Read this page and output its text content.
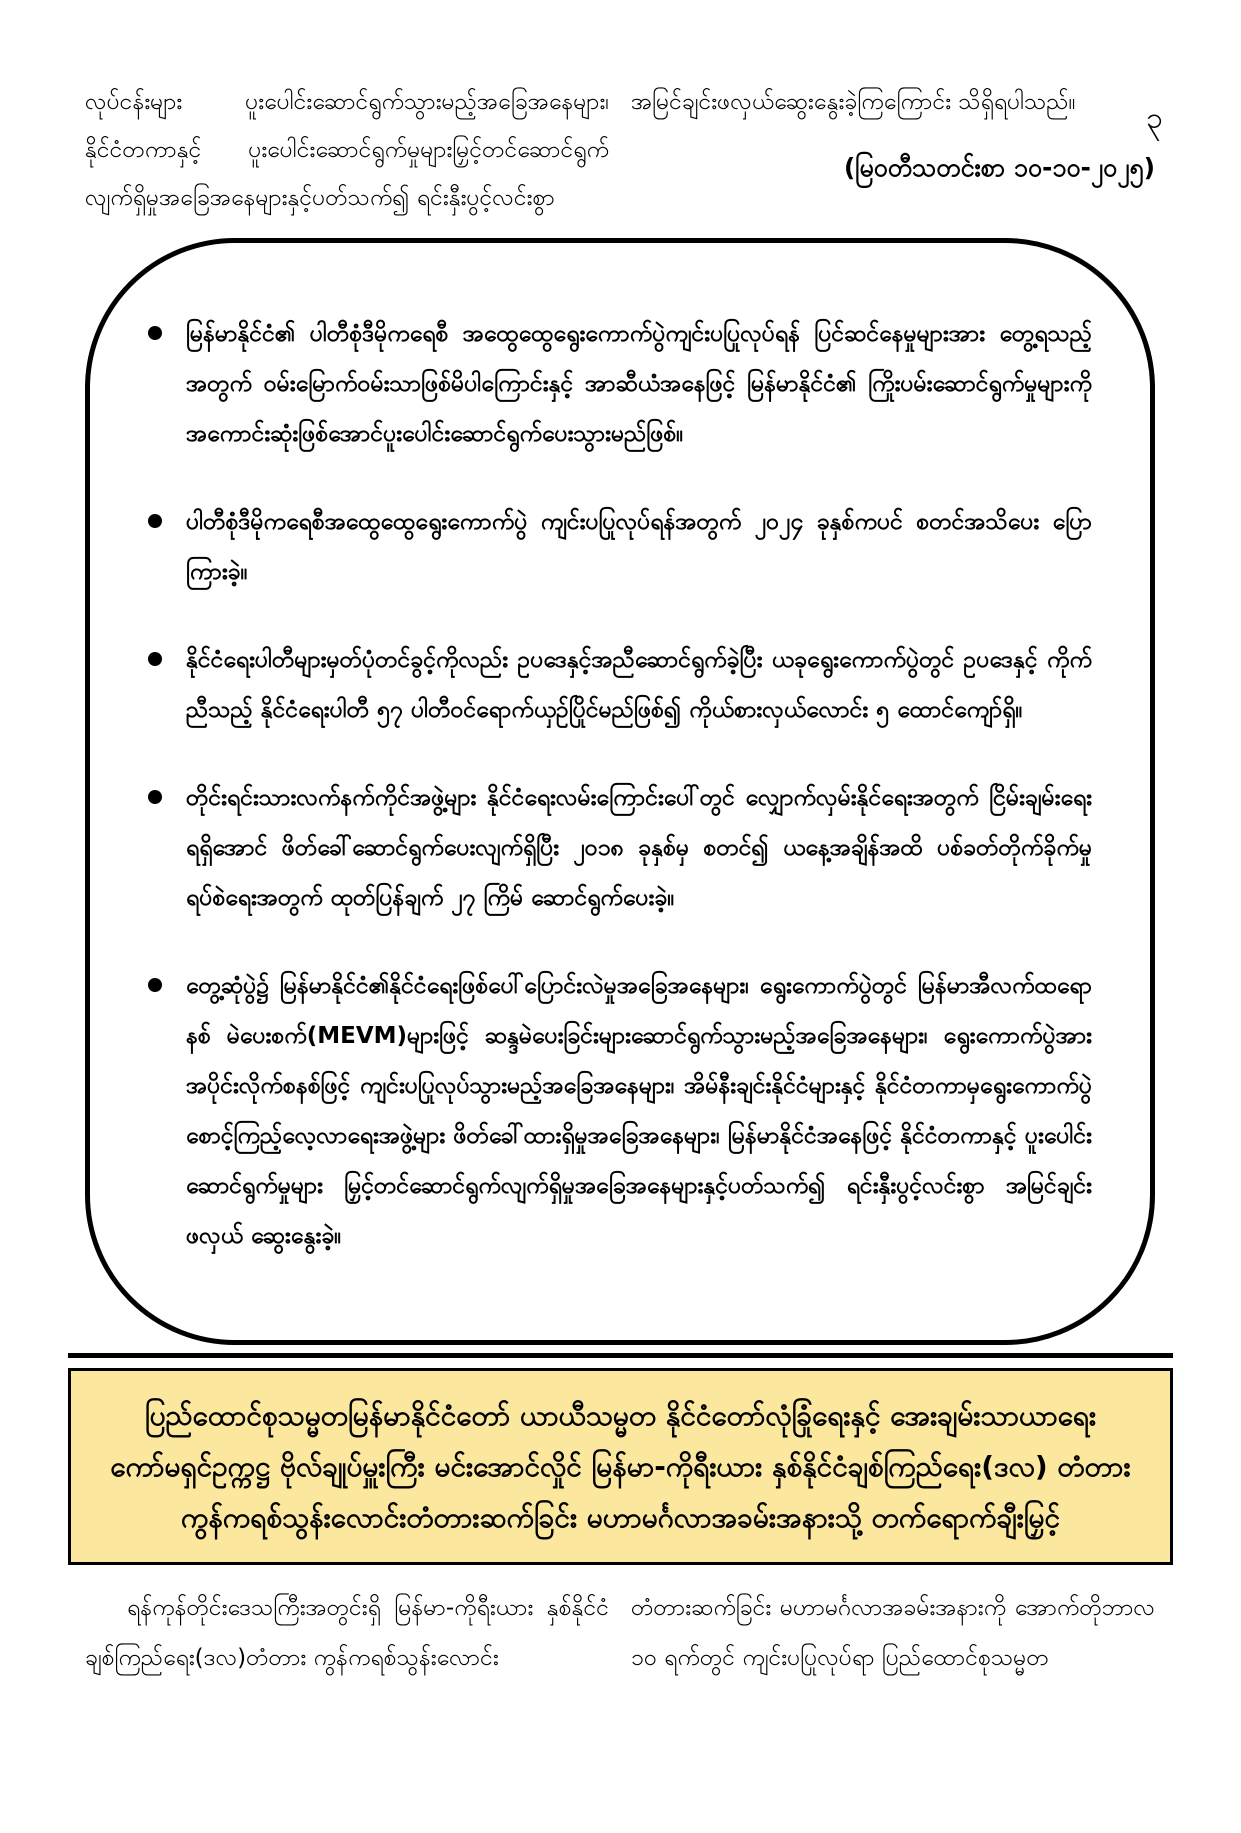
၃

လုပ်ငန်းများ ပူးပေါင်းဆောင်ရွက်သွားမည့်အခြေအနေများ၊ နိုင်ငံတကာနှင့် ပူးပေါင်းဆောင်ရွက်မှုများမြှင့်တင်ဆောင်ရွက်လျက်ရှိမှုအခြေအနေများနှင့်ပတ်သက်၍ ရင်းနှီးပွင့်လင်းစွာ

အမြင်ချင်းဖလှယ်ဆွေးနွေးခဲ့ကြကြောင်း သိရှိရပါသည်။

(မြဝတီသတင်းစာ ၁၀-၁၀-၂၀၂၅)

မြန်မာနိုင်ငံ၏ ပါတီစုံဒီမိုကရေစီ အထွေထွေရွေးကောက်ပွဲကျင်းပပြုလုပ်ရန် ပြင်ဆင်နေမှုများအား တွေ့ရသည့် အတွက် ဝမ်းမြောက်ဝမ်းသာဖြစ်မိပါကြောင်းနှင့် အာဆီယံအနေဖြင့် မြန်မာနိုင်ငံ၏ ကြိုးပမ်းဆောင်ရွက်မှုများကို အကောင်းဆုံးဖြစ်အောင်ပူးပေါင်းဆောင်ရွက်ပေးသွားမည်ဖြစ်။

ပါတီစုံဒီမိုကရေစီအထွေထွေရွေးကောက်ပွဲ ကျင်းပပြုလုပ်ရန်အတွက် ၂၀၂၄ ခုနှစ်ကပင် စတင်အသိပေး ပြောကြားခဲ့။

နိုင်ငံရေးပါတီများမှတ်ပုံတင်ခွင့်ကိုလည်း ဥပဒေနှင့်အညီဆောင်ရွက်ခဲ့ပြီး ယခုရွေးကောက်ပွဲတွင် ဥပဒေနှင့် ကိုက်ညီသည့် နိုင်ငံရေးပါတီ ၅၇ ပါတီဝင်ရောက်ယှဉ်ပြိုင်မည်ဖြစ်၍ ကိုယ်စားလှယ်လောင်း ၅ ထောင်ကျော်ရှိ။

တိုင်းရင်းသားလက်နက်ကိုင်အဖွဲ့များ နိုင်ငံရေးလမ်းကြောင်းပေါ်တွင် လျှောက်လှမ်းနိုင်ရေးအတွက် ငြိမ်းချမ်းရေး ရရှိအောင် ဖိတ်ခေါ်ဆောင်ရွက်ပေးလျက်ရှိပြီး ၂၀၁၈ ခုနှစ်မှ စတင်၍ ယနေ့အချိန်အထိ ပစ်ခတ်တိုက်ခိုက်မှု ရပ်စဲရေးအတွက် ထုတ်ပြန်ချက် ၂၇ ကြိမ် ဆောင်ရွက်ပေးခဲ့။

တွေ့ဆုံပွဲ၌ မြန်မာနိုင်ငံ၏နိုင်ငံရေးဖြစ်ပေါ်ပြောင်းလဲမှုအခြေအနေများ၊ ရွေးကောက်ပွဲတွင် မြန်မာအီလက်ထရောနစ် မဲပေးစက်(MEVM)များဖြင့် ဆန္ဒမဲပေးခြင်းများဆောင်ရွက်သွားမည့်အခြေအနေများ၊ ရွေးကောက်ပွဲအား အပိုင်းလိုက်စနစ်ဖြင့် ကျင်းပပြုလုပ်သွားမည့်အခြေအနေများ၊ အိမ်နီးချင်းနိုင်ငံများနှင့် နိုင်ငံတကာမှရွေးကောက်ပွဲ စောင့်ကြည့်လေ့လာရေးအဖွဲ့များ ဖိတ်ခေါ်ထားရှိမှုအခြေအနေများ၊ မြန်မာနိုင်ငံအနေဖြင့် နိုင်ငံတကာနှင့် ပူးပေါင်းဆောင်ရွက်မှုများ မြှင့်တင်ဆောင်ရွက်လျက်ရှိမှုအခြေအနေများနှင့်ပတ်သက်၍ ရင်းနှီးပွင့်လင်းစွာ အမြင်ချင်းဖလှယ် ဆွေးနွေးခဲ့။

ပြည်ထောင်စုသမ္မတမြန်မာနိုင်ငံတော် ယာယီသမ္မတ နိုင်ငံတော်လုံခြုံရေးနှင့် အေးချမ်းသာယာရေး ကော်မရှင်ဥက္ကဋ္ဌ ဗိုလ်ချုပ်မှူးကြီး မင်းအောင်လှိုင် မြန်မာ-ကိုရီးယား နှစ်နိုင်ငံချစ်ကြည်ရေး(ဒလ) တံတား ကွန်ကရစ်သွန်းလောင်းတံတားဆက်ခြင်း မဟာမင်္ဂလာအခမ်းအနားသို့ တက်ရောက်ချီးမြှင့်

ရန်ကုန်တိုင်းဒေသကြီးအတွင်းရှိ မြန်မာ-ကိုရီးယား နှစ်နိုင်ငံ ချစ်ကြည်ရေး(ဒလ)တံတား ကွန်ကရစ်သွန်းလောင်း

တံတားဆက်ခြင်း မဟာမင်္ဂလာအခမ်းအနားကို အောက်တိုဘာလ ၁၀ ရက်တွင် ကျင်းပပြုလုပ်ရာ ပြည်ထောင်စုသမ္မတ
